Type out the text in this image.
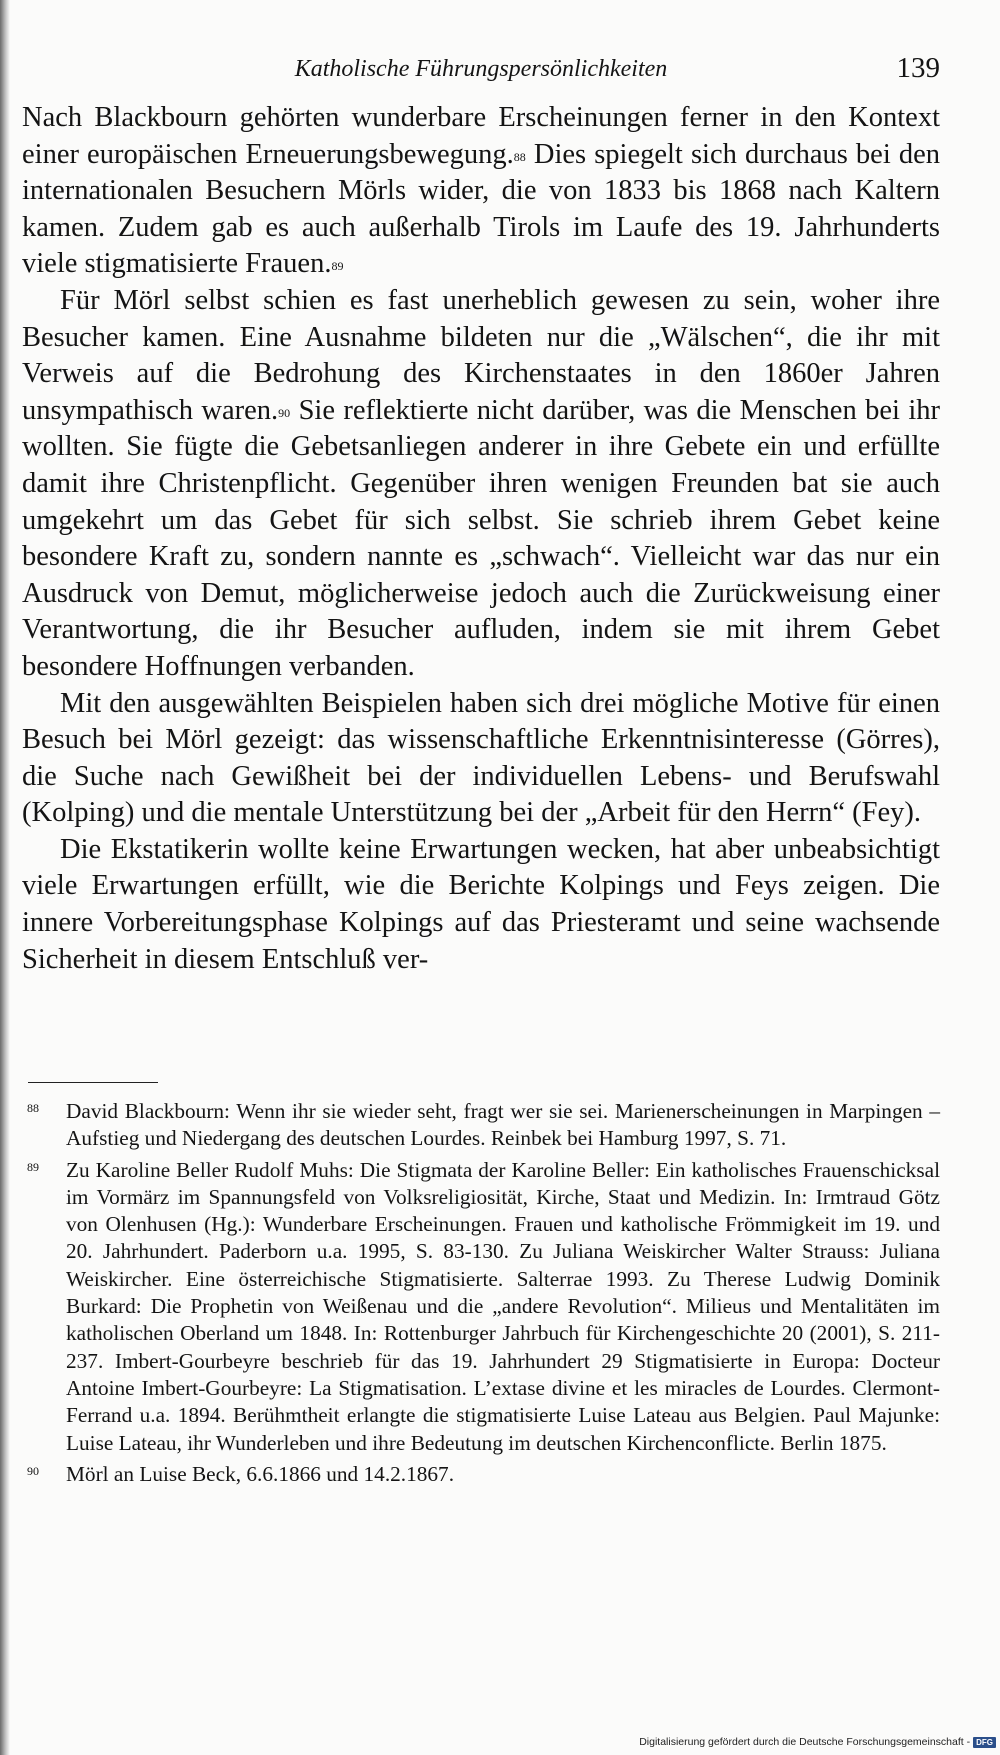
Katholische Führungspersönlichkeiten	139

Nach Blackbourn gehörten wunderbare Erscheinungen ferner in den Kontext einer europäischen Erneuerungsbewegung.$^{88}$ Dies spiegelt sich durchaus bei den internationalen Besuchern Mörls wider, die von 1833 bis 1868 nach Kaltern kamen. Zudem gab es auch außerhalb Tirols im Laufe des 19. Jahrhunderts viele stigmatisierte Frauen.$^{89}$

Für Mörl selbst schien es fast unerheblich gewesen zu sein, woher ihre Besucher kamen. Eine Ausnahme bildeten nur die „Wälschen“, die ihr mit Verweis auf die Bedrohung des Kirchenstaates in den 1860er Jahren unsympathisch waren.$^{90}$ Sie reflektierte nicht darüber, was die Menschen bei ihr wollten. Sie fügte die Gebetsanliegen anderer in ihre Gebete ein und erfüllte damit ihre Christenpflicht. Gegenüber ihren wenigen Freunden bat sie auch umgekehrt um das Gebet für sich selbst. Sie schrieb ihrem Gebet keine besondere Kraft zu, sondern nannte es „schwach“. Vielleicht war das nur ein Ausdruck von Demut, möglicherweise jedoch auch die Zurückweisung einer Verantwortung, die ihr Besucher aufluden, indem sie mit ihrem Gebet besondere Hoffnungen verbanden.

Mit den ausgewählten Beispielen haben sich drei mögliche Motive für einen Besuch bei Mörl gezeigt: das wissenschaftliche Erkenntnisinteresse (Görres), die Suche nach Gewißheit bei der individuellen Lebens- und Berufswahl (Kolping) und die mentale Unterstützung bei der „Arbeit für den Herrn“ (Fey).

Die Ekstatikerin wollte keine Erwartungen wecken, hat aber unbeabsichtigt viele Erwartungen erfüllt, wie die Berichte Kolpings und Feys zeigen. Die innere Vorbereitungsphase Kolpings auf das Priesteramt und seine wachsende Sicherheit in diesem Entschluß ver-

88 David Blackbourn: Wenn ihr sie wieder seht, fragt wer sie sei. Marienerscheinungen in Marpingen – Aufstieg und Niedergang des deutschen Lourdes. Reinbek bei Hamburg 1997, S. 71.
89 Zu Karoline Beller Rudolf Muhs: Die Stigmata der Karoline Beller: Ein katholisches Frauenschicksal im Vormärz im Spannungsfeld von Volksreligiosität, Kirche, Staat und Medizin. In: Irmtraud Götz von Olenhusen (Hg.): Wunderbare Erscheinungen. Frauen und katholische Frömmigkeit im 19. und 20. Jahrhundert. Paderborn u.a. 1995, S. 83-130. Zu Juliana Weiskircher Walter Strauss: Juliana Weiskircher. Eine österreichische Stigmatisierte. Salterrae 1993. Zu Therese Ludwig Dominik Burkard: Die Prophetin von Weißenau und die „andere Revolution“. Milieus und Mentalitäten im katholischen Oberland um 1848. In: Rottenburger Jahrbuch für Kirchengeschichte 20 (2001), S. 211-237. Imbert-Gourbeyre beschrieb für das 19. Jahrhundert 29 Stigmatisierte in Europa: Docteur Antoine Imbert-Gourbeyre: La Stigmatisation. L’extase divine et les miracles de Lourdes. Clermont-Ferrand u.a. 1894. Berühmtheit erlangte die stigmatisierte Luise Lateau aus Belgien. Paul Majunke: Luise Lateau, ihr Wunderleben und ihre Bedeutung im deutschen Kirchenconflicte. Berlin 1875.
90 Mörl an Luise Beck, 6.6.1866 und 14.2.1867.
Digitalisierung gefördert durch die Deutsche Forschungsgemeinschaft - DFG
